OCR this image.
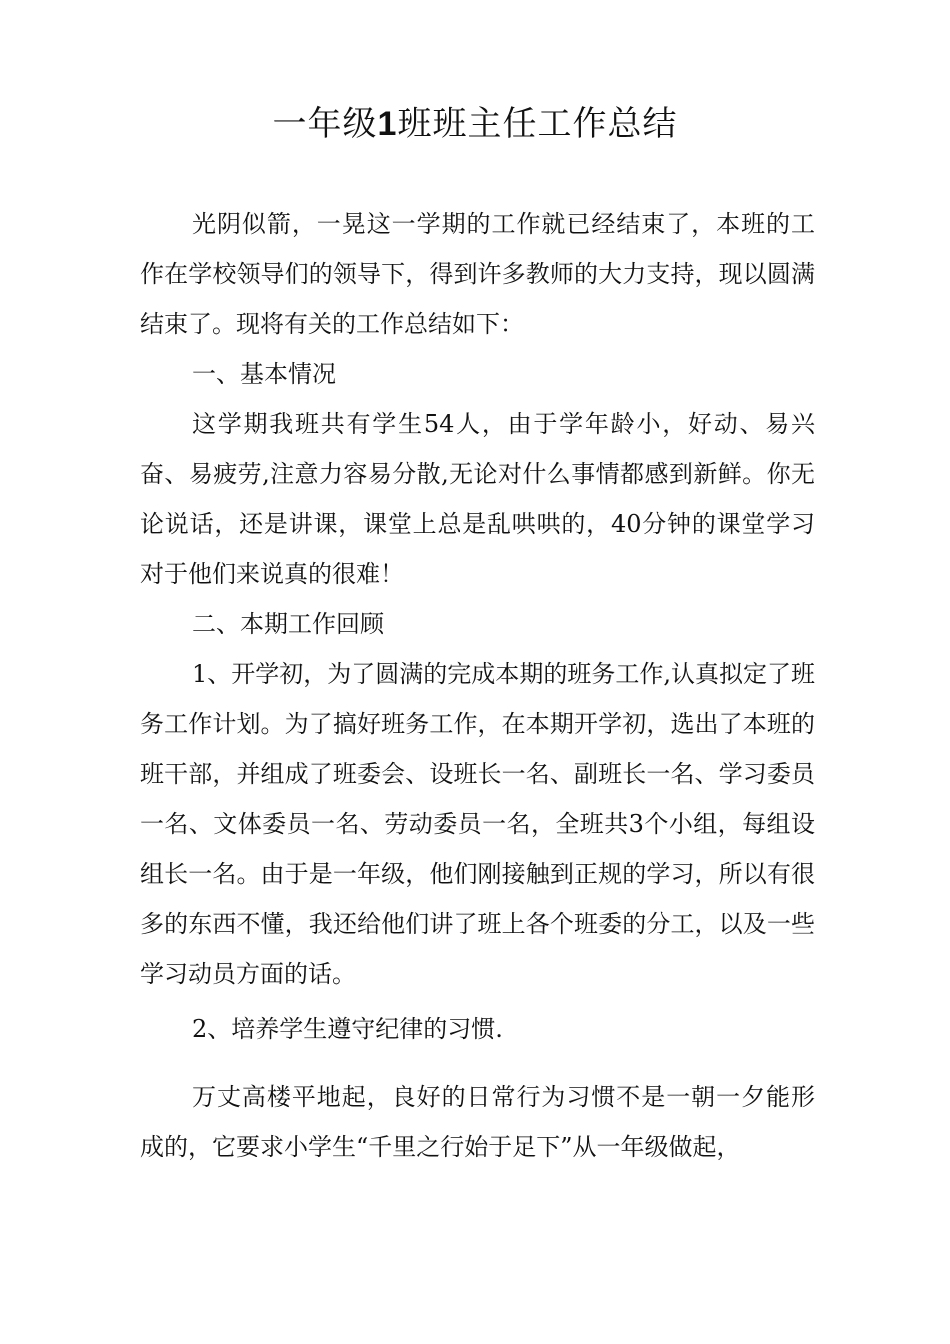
一年级1班班主任工作总结

光阴似箭，一晃这一学期的工作就已经结束了，本班的工作在学校领导们的领导下，得到许多教师的大力支持，现以圆满结束了。现将有关的工作总结如下：

一、基本情况

这学期我班共有学生54人，由于学年龄小，好动、易兴奋、易疲劳,注意力容易分散,无论对什么事情都感到新鲜。你无论说话，还是讲课，课堂上总是乱哄哄的，40分钟的课堂学习对于他们来说真的很难！

二、本期工作回顾

1、开学初，为了圆满的完成本期的班务工作,认真拟定了班务工作计划。为了搞好班务工作，在本期开学初，选出了本班的班干部，并组成了班委会、设班长一名、副班长一名、学习委员一名、文体委员一名、劳动委员一名，全班共3个小组，每组设组长一名。由于是一年级，他们刚接触到正规的学习，所以有很多的东西不懂，我还给他们讲了班上各个班委的分工，以及一些学习动员方面的话。

2、培养学生遵守纪律的习惯.

万丈高楼平地起，良好的日常行为习惯不是一朝一夕能形成的，它要求小学生“千里之行始于足下”从一年级做起，
